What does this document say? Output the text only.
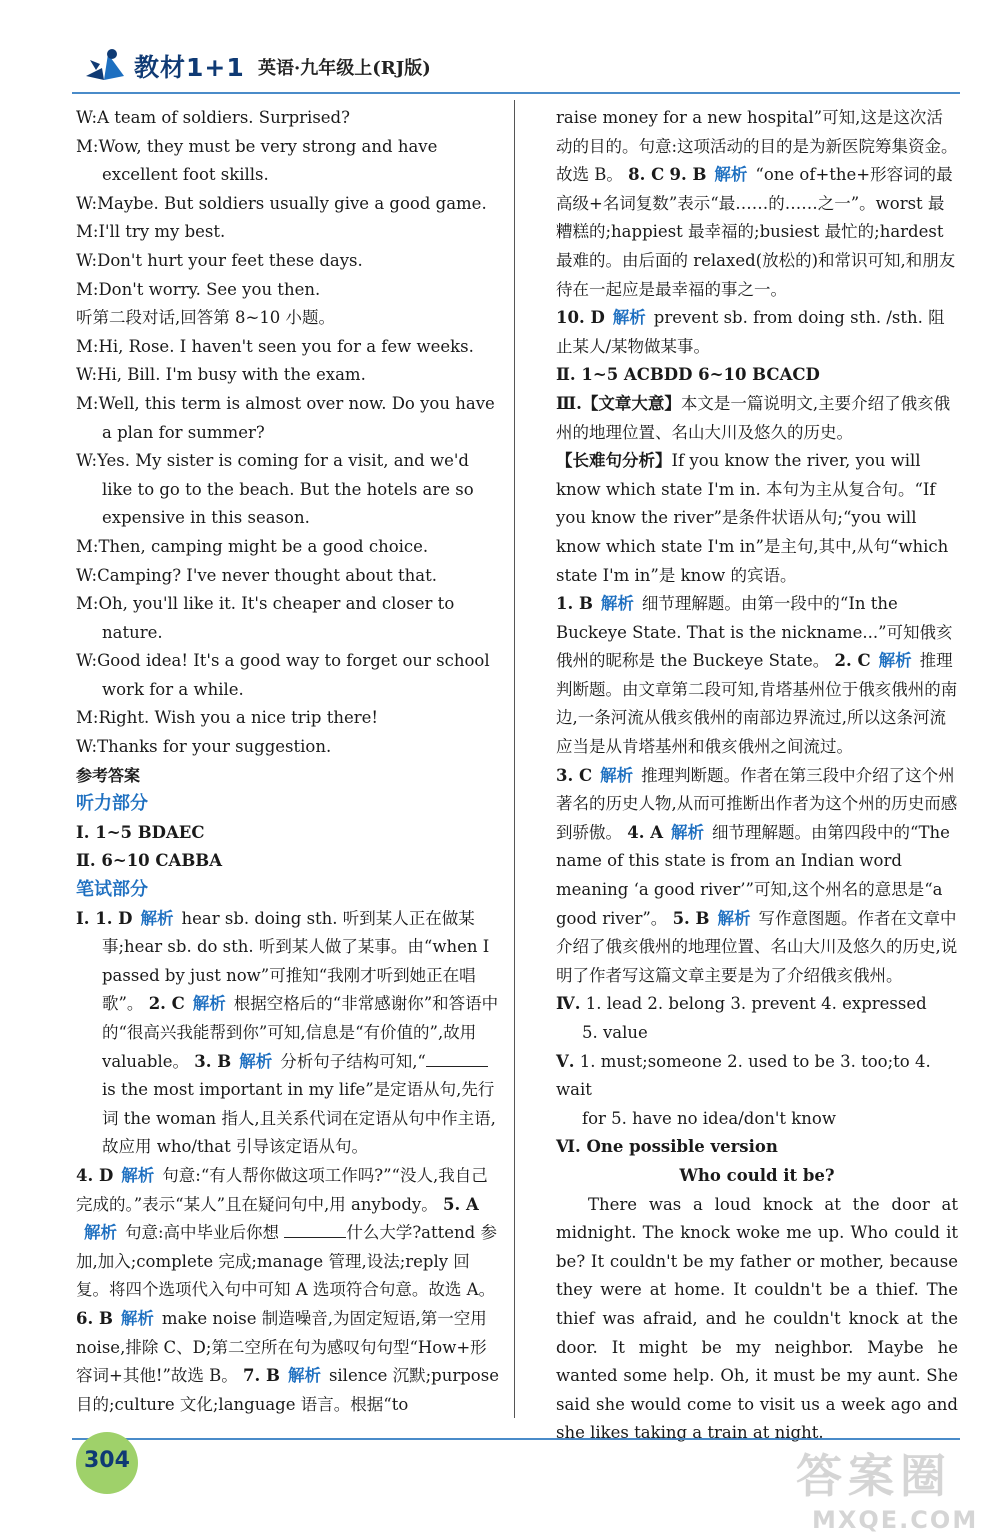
教材1+1 英语·九年级上(RJ版)

W:A team of soldiers. Surprised?

M:Wow, they must be very strong and have excellent foot skills.

W:Maybe. But soldiers usually give a good game.

M:I'll try my best.

W:Don't hurt your feet these days.

M:Don't worry. See you then.

听第二段对话,回答第 8~10 小题。

M:Hi, Rose. I haven't seen you for a few weeks.

W:Hi, Bill. I'm busy with the exam.

M:Well, this term is almost over now. Do you have a plan for summer?

W:Yes. My sister is coming for a visit, and we'd like to go to the beach. But the hotels are so expensive in this season.

M:Then, camping might be a good choice.

W:Camping? I've never thought about that.

M:Oh, you'll like it. It's cheaper and closer to nature.

W:Good idea! It's a good way to forget our school work for a while.

M:Right. Wish you a nice trip there!

W:Thanks for your suggestion.

参考答案

听力部分

Ⅰ. 1~5 BDAEC

Ⅱ. 6~10 CABBA

笔试部分

Ⅰ. 1. D 解析 hear sb. doing sth. 听到某人正在做某事;hear sb. do sth. 听到某人做了某事。由“when I passed by just now”可推知“我刚才听到她正在唱歌”。 2. C 解析 根据空格后的“非常感谢你”和答语中的“很高兴我能帮到你”可知,信息是“有价值的”,故用 valuable。 3. B 解析 分析句子结构可知,“ is the most important in my life”是定语从句,先行词 the woman 指人,且关系代词在定语从句中作主语,故应用 who/that 引导该定语从句。

4. D 解析 句意:“有人帮你做这项工作吗?”“没人,我自己完成的。”表示“某人”且在疑问句中,用 anybody。 5. A解析 句意:高中毕业后你想	什么大学?attend 参加,加入;complete 完成;manage 管理,设法;reply 回复。将四个选项代入句中可知 A 选项符合句意。故选 A。 6. B 解析 make noise 制造噪音,为固定短语,第一空用 noise,排除 C、D;第二空所在句为感叹句句型“How+形容词+其他!”故选 B。 7. B 解析 silence 沉默;purpose 目的;culture 文化;language 语言。根据“to

raise money for a new hospital”可知,这是这次活动的目的。句意:这项活动的目的是为新医院筹集资金。故选 B。 8. C 9. B 解析 “one of+the+形容词的最高级+名词复数”表示“最……的……之一”。worst 最糟糕的;happiest 最幸福的;busiest 最忙的;hardest 最难的。由后面的 relaxed(放松的)和常识可知,和朋友待在一起应是最幸福的事之一。

10. D 解析 prevent sb. from doing sth. /sth. 阻止某人/某物做某事。

Ⅱ. 1~5 ACBDD 6~10 BCACD

Ⅲ.【文章大意】本文是一篇说明文,主要介绍了俄亥俄州的地理位置、名山大川及悠久的历史。

【长难句分析】If you know the river, you will know which state I'm in. 本句为主从复合句。“If you know the river”是条件状语从句;“you will know which state I'm in”是主句,其中,从句“which state I'm in”是 know 的宾语。

1. B 解析 细节理解题。由第一段中的“In the Buckeye State. That is the nickname...”可知俄亥俄州的昵称是 the Buckeye State。 2. C 解析 推理判断题。由文章第二段可知,肯塔基州位于俄亥俄州的南边,一条河流从俄亥俄州的南部边界流过,所以这条河流应当是从肯塔基州和俄亥俄州之间流过。

3. C 解析 推理判断题。作者在第三段中介绍了这个州著名的历史人物,从而可推断出作者为这个州的历史而感到骄傲。 4. A 解析 细节理解题。由第四段中的“The name of this state is from an Indian word meaning ‘a good river’”可知,这个州名的意思是“a good river”。 5. B 解析 写作意图题。作者在文章中介绍了俄亥俄州的地理位置、名山大川及悠久的历史,说明了作者写这篇文章主要是为了介绍俄亥俄州。

Ⅳ. 1. lead 2. belong 3. prevent 4. expressed

5. value

Ⅴ. 1. must;someone 2. used to be 3. too;to 4. wait

for 5. have no idea/don't know

Ⅵ. One possible version

Who could it be?

There was a loud knock at the door at midnight. The knock woke me up. Who could it be? It couldn't be my father or mother, because they were at home. It couldn't be a thief. The thief was afraid, and he couldn't knock at the door. It might be my neighbor. Maybe he wanted some help. Oh, it must be my aunt. She said she would come to visit us a week ago and she likes taking a train at night.

304	答案圈
MXQE.COM
